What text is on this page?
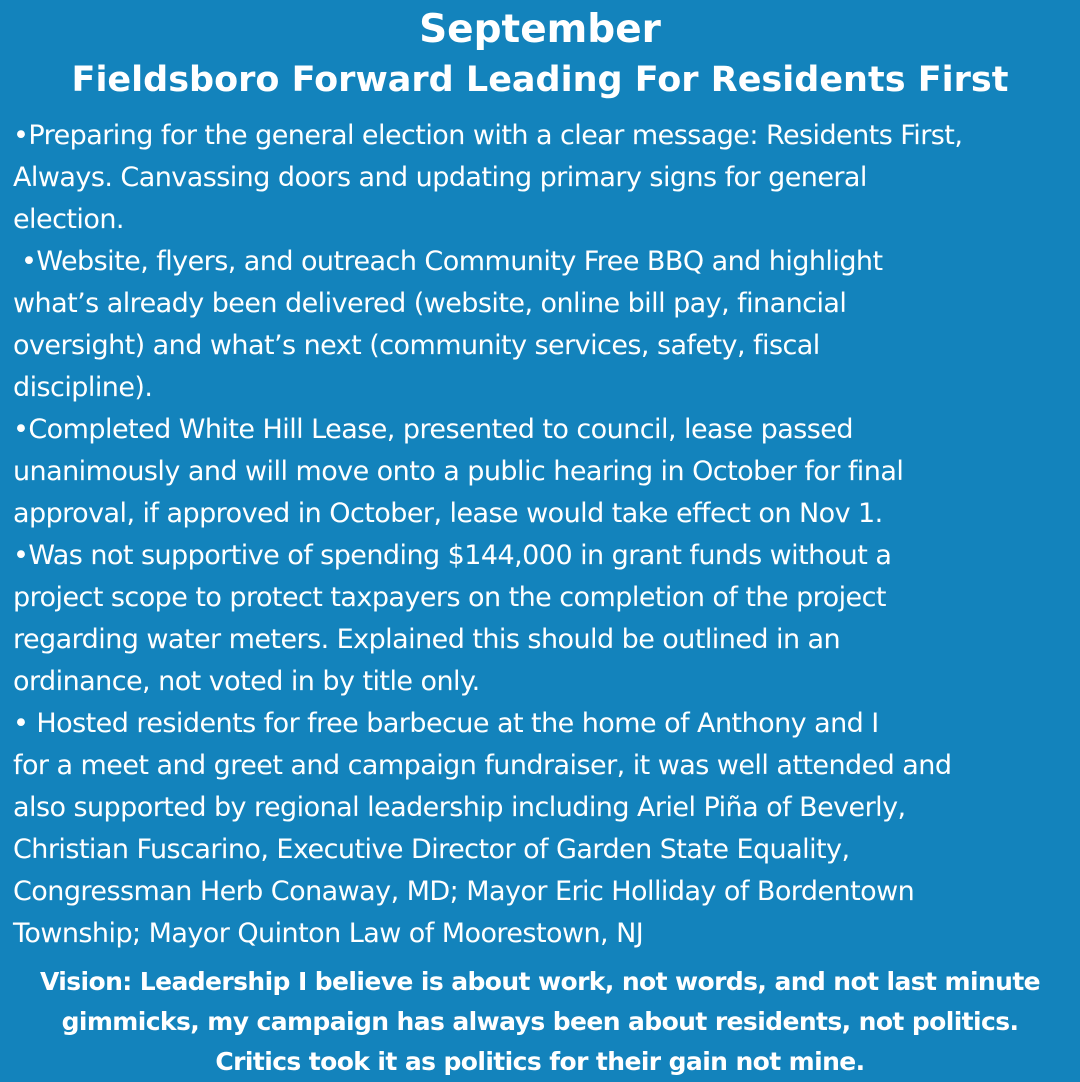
September
Fieldsboro Forward Leading For Residents First
•Preparing for the general election with a clear message: Residents First,
Always. Canvassing doors and updating primary signs for general
election.
•Website, flyers, and outreach Community Free BBQ and highlight
what’s already been delivered (website, online bill pay, financial
oversight) and what’s next (community services, safety, fiscal
discipline).
•Completed White Hill Lease, presented to council, lease passed
unanimously and will move onto a public hearing in October for final
approval, if approved in October, lease would take effect on Nov 1.
•Was not supportive of spending $144,000 in grant funds without a
project scope to protect taxpayers on the completion of the project
regarding water meters. Explained this should be outlined in an
ordinance, not voted in by title only.
• Hosted residents for free barbecue at the home of Anthony and I
for a meet and greet and campaign fundraiser, it was well attended and
also supported by regional leadership including Ariel Piña of Beverly,
Christian Fuscarino, Executive Director of Garden State Equality,
Congressman Herb Conaway, MD; Mayor Eric Holliday of Bordentown
Township; Mayor Quinton Law of Moorestown, NJ

Vision: Leadership I believe is about work, not words, and not last minute
gimmicks, my campaign has always been about residents, not politics.
Critics took it as politics for their gain not mine.
